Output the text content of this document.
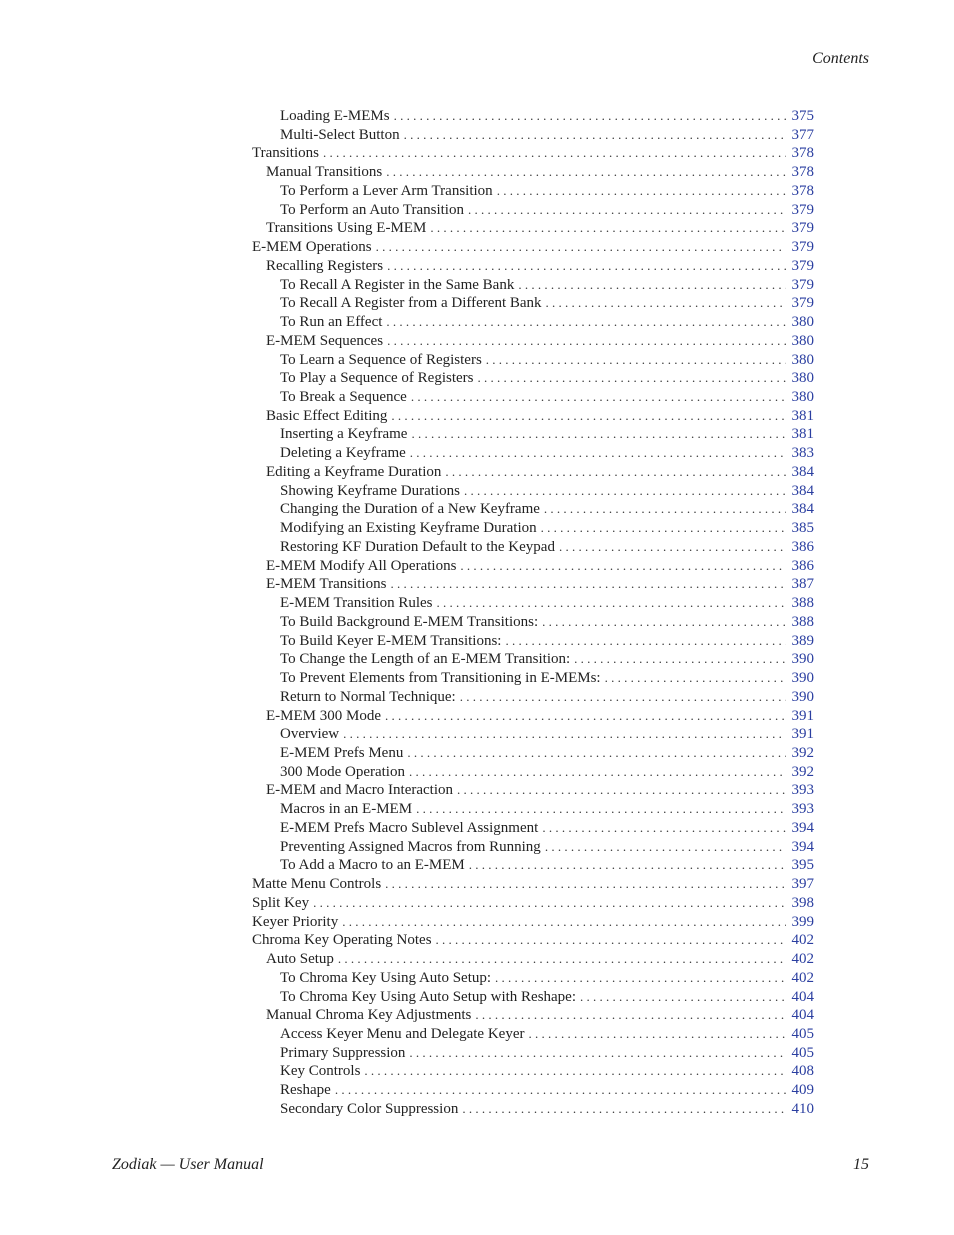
Contents
Loading E-MEMs . . .	375
Multi-Select Button . . .	377
Transitions . . .	378
Manual Transitions . . .	378
To Perform a Lever Arm Transition . . .	378
To Perform an Auto Transition . . .	379
Transitions Using E-MEM . . .	379
E-MEM Operations . . .	379
Recalling Registers . . .	379
To Recall A Register in the Same Bank . . .	379
To Recall A Register from a Different Bank . . .	379
To Run an Effect . . .	380
E-MEM Sequences . . .	380
To Learn a Sequence of Registers . . .	380
To Play a Sequence of Registers . . .	380
To Break a Sequence . . .	380
Basic Effect Editing . . .	381
Inserting a Keyframe . . .	381
Deleting a Keyframe . . .	383
Editing a Keyframe Duration . . .	384
Showing Keyframe Durations . . .	384
Changing the Duration of a New Keyframe . . .	384
Modifying an Existing Keyframe Duration . . .	385
Restoring KF Duration Default to the Keypad . . .	386
E-MEM Modify All Operations . . .	386
E-MEM Transitions . . .	387
E-MEM Transition Rules . . .	388
To Build Background E-MEM Transitions: . . .	388
To Build Keyer E-MEM Transitions: . . .	389
To Change the Length of an E-MEM Transition: . . .	390
To Prevent Elements from Transitioning in E-MEMs: . . .	390
Return to Normal Technique: . . .	390
E-MEM 300 Mode . . .	391
Overview . . .	391
E-MEM Prefs Menu . . .	392
300 Mode Operation . . .	392
E-MEM and Macro Interaction . . .	393
Macros in an E-MEM . . .	393
E-MEM Prefs Macro Sublevel Assignment . . .	394
Preventing Assigned Macros from Running . . .	394
To Add a Macro to an E-MEM . . .	395
Matte Menu Controls . . .	397
Split Key . . .	398
Keyer Priority . . .	399
Chroma Key Operating Notes . . .	402
Auto Setup . . .	402
To Chroma Key Using Auto Setup: . . .	402
To Chroma Key Using Auto Setup with Reshape: . . .	404
Manual Chroma Key Adjustments . . .	404
Access Keyer Menu and Delegate Keyer . . .	405
Primary Suppression . . .	405
Key Controls . . .	408
Reshape . . .	409
Secondary Color Suppression . . .	410
Zodiak — User Manual	15
